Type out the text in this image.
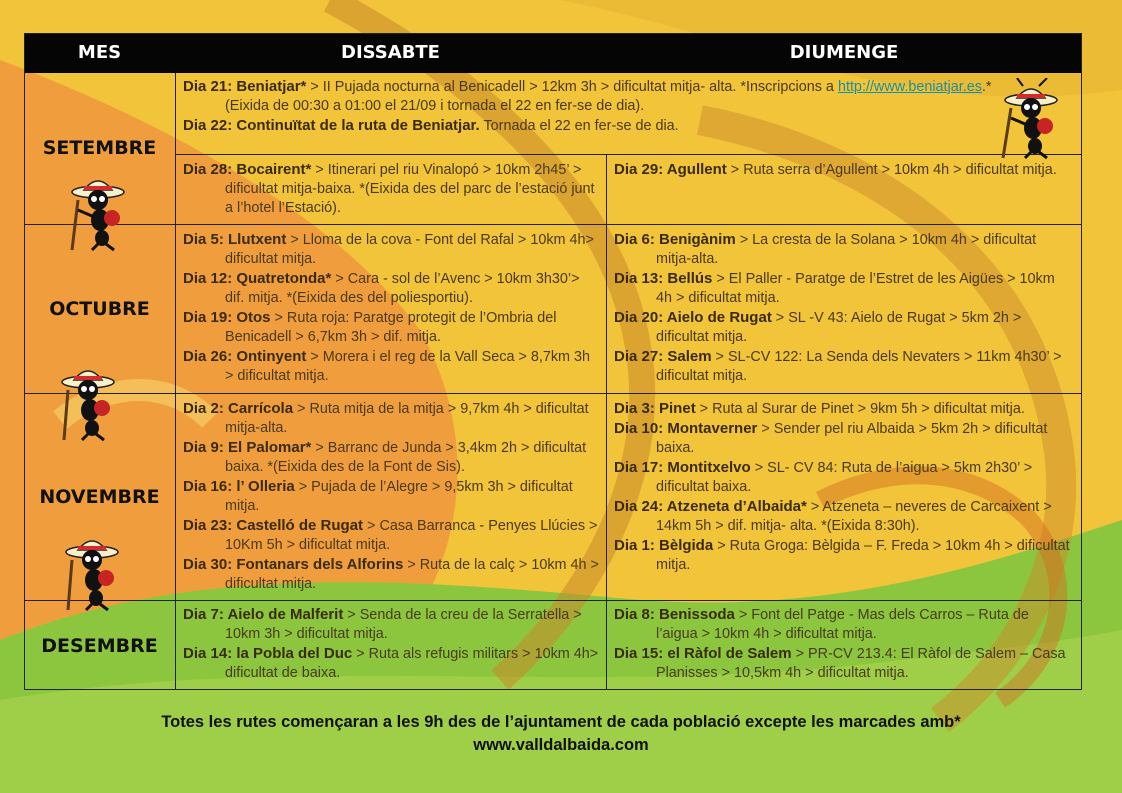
MES	DISSABTE	DIUMENGE
SETEMBRE
OCTUBRE
NOVEMBRE
DESEMBRE
Dia 21: Beniatjar* > II Pujada nocturna al Benicadell > 12km 3h > dificultat mitja- alta. *Inscripcions a http://www.beniatjar.es.*(Eixida de 00:30 a 01:00 el 21/09 i tornada el 22 en fer-se de dia).
Dia 22: Continuïtat de la ruta de Beniatjar. Tornada el 22 en fer-se de dia.
Dia 28: Bocairent* > Itinerari pel riu Vinalopó > 10km 2h45’ > dificultat mitja-baixa. *(Eixida des del parc de l’estació junt a l’hotel l’Estació).
Dia 29: Agullent > Ruta serra d’Agullent > 10km 4h > dificultat mitja.
Dia 5: Llutxent > Lloma de la cova - Font del Rafal > 10km 4h> dificultat mitja.
Dia 12: Quatretonda* > Cara - sol de l’Avenc > 10km 3h30’> dif. mitja. *(Eixida des del poliesportiu).
Dia 19: Otos > Ruta roja: Paratge protegit de l’Ombria del Benicadell > 6,7km 3h > dif. mitja.
Dia 26: Ontinyent > Morera i el reg de la Vall Seca > 8,7km 3h > dificultat mitja.
Dia 6: Benigànim > La cresta de la Solana > 10km 4h > dificultat mitja-alta.
Dia 13: Bellús > El Paller - Paratge de l’Estret de les Aigües > 10km 4h > dificultat mitja.
Dia 20: Aielo de Rugat > SL -V 43: Aielo de Rugat > 5km 2h > dificultat mitja.
Dia 27: Salem > SL-CV 122: La Senda dels Nevaters > 11km 4h30’ > dificultat mitja.
Dia 2: Carrícola > Ruta mitja de la mitja > 9,7km 4h > dificultat mitja-alta.
Dia 9: El Palomar* > Barranc de Junda > 3,4km 2h > dificultat baixa. *(Eixida des de la Font de Sis).
Dia 16: l’ Olleria > Pujada de l’Alegre > 9,5km 3h > dificultat mitja.
Dia 23: Castelló de Rugat > Casa Barranca - Penyes Llúcies > 10Km 5h > dificultat mitja.
Dia 30: Fontanars dels Alforins > Ruta de la calç > 10km 4h > dificultat mitja.
Dia 3: Pinet > Ruta al Surar de Pinet > 9km 5h > dificultat mitja.
Dia 10: Montaverner > Sender pel riu Albaida > 5km 2h > dificultat baixa.
Dia 17: Montitxelvo > SL- CV 84: Ruta de l’aigua > 5km 2h30’ > dificultat baixa.
Dia 24: Atzeneta d’Albaida* > Atzeneta – neveres de Carcaixent > 14km 5h > dif. mitja- alta. *(Eixida 8:30h).
Dia 1: Bèlgida > Ruta Groga: Bèlgida – F. Freda > 10km 4h > dificultat mitja.
Dia 7: Aielo de Malferit > Senda de la creu de la Serratella > 10km 3h > dificultat mitja.
Dia 14: la Pobla del Duc > Ruta als refugis militars > 10km 4h> dificultat de baixa.
Dia 8: Benissoda > Font del Patge - Mas dels Carros – Ruta de l’aigua > 10km 4h > dificultat mitja.
Dia 15: el Ràfol de Salem > PR-CV 213.4: El Ràfol de Salem – Casa Planisses > 10,5km 4h > dificultat mitja.
Totes les rutes començaran a les 9h des de l’ajuntament de cada població excepte les marcades amb*
www.valldalbaida.com
